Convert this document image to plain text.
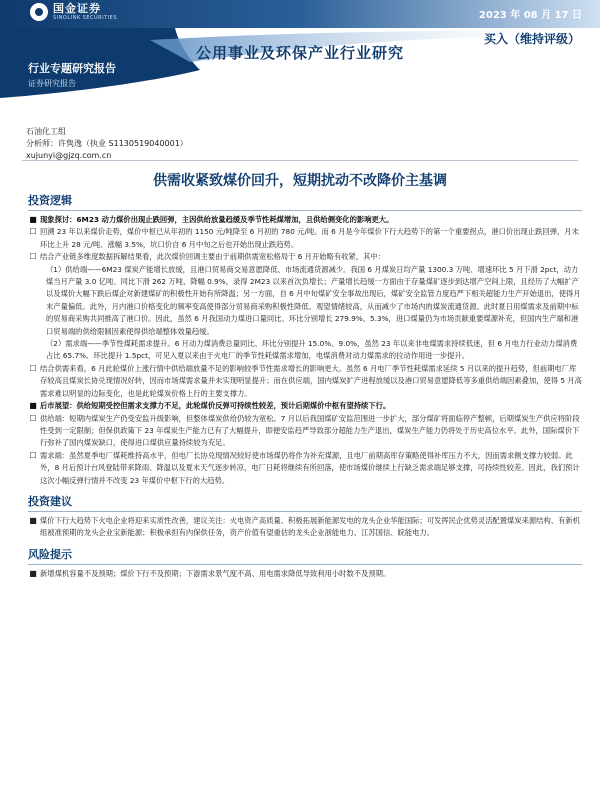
国金证券
SINOLINK SECURITIES	2023 年 08 月 17 日
行业专题研究报告
证券研究报告
买入（维持评级）
公用事业及环保产业行业研究
石油化工组
分析师：许隽逸（执业 S1130519040001）
xujunyi@gjzq.com.cn
供需收紧致煤价回升，短期扰动不改降价主基调
投资逻辑
■ 现象探讨：6M23 动力煤价出现止跌回弹，主因供给放量趋缓及季节性耗煤增加，且供给侧变化的影响更大。
☐ 回溯 23 年以来煤价走势，煤价中枢已从年初的 1150 元/吨降至 6 月初的 780 元/吨。而 6 月是今年煤价下行大趋势下的第一个重要拐点，港口价出现止跌回弹，月末环比上升 28 元/吨、涨幅 3.5%，坑口价自 6 月中旬之后也开始出现止跌趋势。
☐ 结合产业链多维度数据拆解结果看，此次煤价回调主要由于前期供需宽松格局于 6 月开始略有收紧，其中：
（1）供给端——6M23 煤炭产能增长放缓，且港口贸易商交易意愿降低、市场流通货源减少。我国 6 月煤炭日均产量 1300.3 万吨、增速环比 5 月下滑 2pct，动力煤当月产量 3.0 亿吨、同比下滑 262 万吨、降幅 0.9%，录得 2M23 以来首次负增长；产量增长趋缓一方面由于存量煤矿逐步到达增产空间上限，且经历了大幅扩产以及煤价大幅下跌后煤企对新建煤矿的积极性开始有所降温；另一方面，自 6 月中旬煤矿安全事故出现后，煤矿安全监管力度趋严下相关超能力生产开始退出，使得月末产量偏低。此外，月内港口价格变化的频率变高使得部分贸易商采购积极性降低、观望情绪较高，从而减少了市场内的煤炭流通货源。此时夏日用煤需求及前期中标的贸易商采购共同推高了港口价。因此，虽然 6 月我国动力煤进口量同比、环比分别增长 279.9%、5.3%，进口煤量仍为市场贡献重要煤源补充，但国内生产端和港口贸易端的供给限制因素使得供给端整体效量趋缓。
（2）需求端——季节性煤耗需求提升。6 月动力煤消费总量同比、环比分别提升 15.0%、9.0%，虽然 23 年以来非电煤需求持续低迷，但 6 月电力行业动力煤消费占比 65.7%、环比提升 1.5pct，可见入夏以来由于火电厂的季节性耗煤需求增加，电煤消费对动力煤需求的拉动作用进一步提升。
☐ 结合供需来看，6 月此轮煤价上涨行情中供给端放量不足的影响较季节性需求增长的影响更大。虽然 6 月电厂季节性耗煤需求延续 5 月以来的提升趋势，但前期电厂库存较高且煤炭长协兑现情况好转，因而市场煤需求量并未实现明显提升；而在供应端，国内煤炭扩产进程放缓以及港口贸易意愿降低等多重供给端因素叠加，使得 5 月高需求难以明显的边际变化，也是此轮煤炭价格上行的主要支撑力。
■ 后市展望：供给短期受控但需求支撑力不足，此轮煤价反弹可持续性较差，预计后期煤价中枢有望持续下行。
☐ 供给端：短期内煤炭生产仍受安监升级影响，但整体煤炭供给仍较为宽松。7 月以后我国煤矿安监范围进一步扩大，部分煤矿将面临停产整顿，后期煤炭生产供应将阶段性受到一定限制；但保供政策下 23 年煤炭生产能力已有了大幅提升，即便安监趋严导致部分超能力生产退出，煤炭生产能力仍将处于历史高位水平。此外，国际煤价下行弥补了国内煤炭缺口，使得进口煤供应量持续较为充足。
☐ 需求端：虽然夏季电厂煤耗维持高水平，但电厂长协兑现情况较好使市场煤仍将作为补充煤源，且电厂前期高库存策略使得补库压力不大，因而需求侧支撑力较弱。此外，8 月后预计台风登陆带来降雨、降温以及夏末天气逐步转凉，电厂日耗将继续有所回落，使市场煤价继续上行缺乏需求端足够支撑，可持续性较差。因此，我们预计这次小幅反弹行情并不改变 23 年煤价中枢下行的大趋势。
投资建议
■ 煤价下行大趋势下火电企业将迎来实质性改善，建议关注：火电资产高质量、积极拓展新能源发电的龙头企业华能国际；可发挥民企优势灵活配置煤炭来源结构、有新机组被准预期的龙头企业宝新能源；积极承担有内保供任务，资产价值有望重估的龙头企业浙能电力、江苏国信、皖能电力。
风险提示
■ 新增煤机容量不及预期；煤价下行不及预期；下游需求景气度不高、用电需求降低导致利用小时数不及预期。
